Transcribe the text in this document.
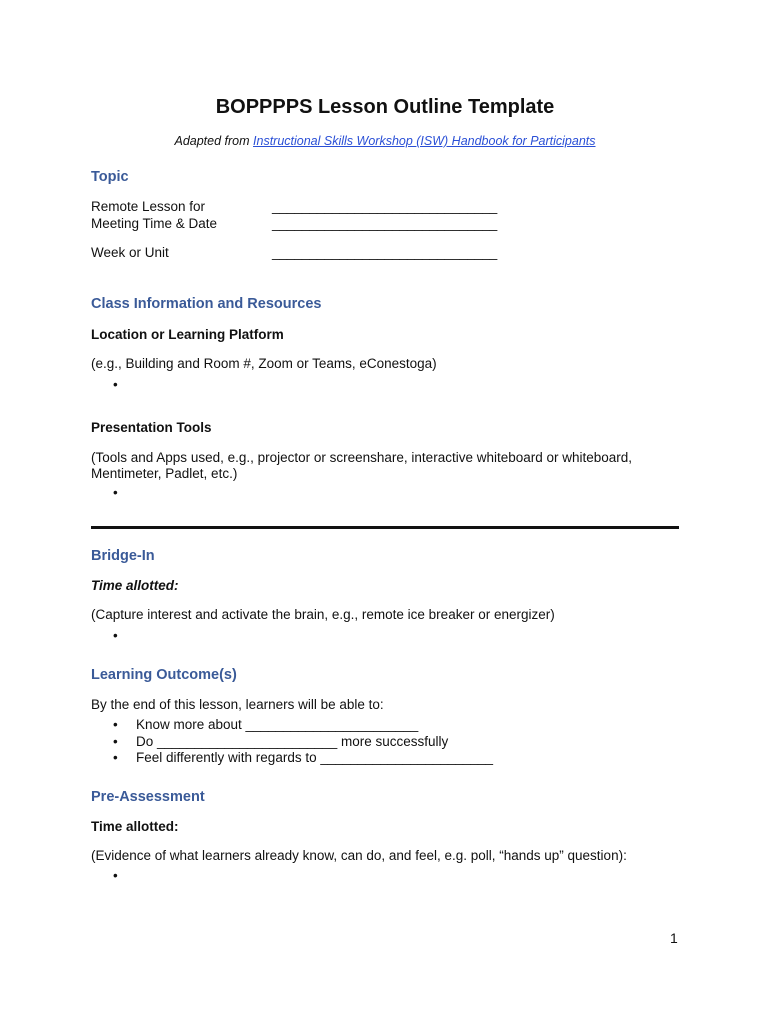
BOPPPPS Lesson Outline Template
Adapted from Instructional Skills Workshop (ISW) Handbook for Participants
Topic
Remote Lesson for	______________________________
Meeting Time & Date	______________________________
Week or Unit	______________________________
Class Information and Resources
Location or Learning Platform
(e.g., Building and Room #, Zoom or Teams, eConestoga)
•
Presentation Tools
(Tools and Apps used, e.g., projector or screenshare, interactive whiteboard or whiteboard,
Mentimeter, Padlet, etc.)
•
Bridge-In
Time allotted:
(Capture interest and activate the brain, e.g., remote ice breaker or energizer)
•
Learning Outcome(s)
By the end of this lesson, learners will be able to:
•
Know more about _______________________
•
Do ________________________ more successfully
•
Feel differently with regards to _______________________
Pre-Assessment
Time allotted:
(Evidence of what learners already know, can do, and feel, e.g. poll, “hands up” question):
•
1
